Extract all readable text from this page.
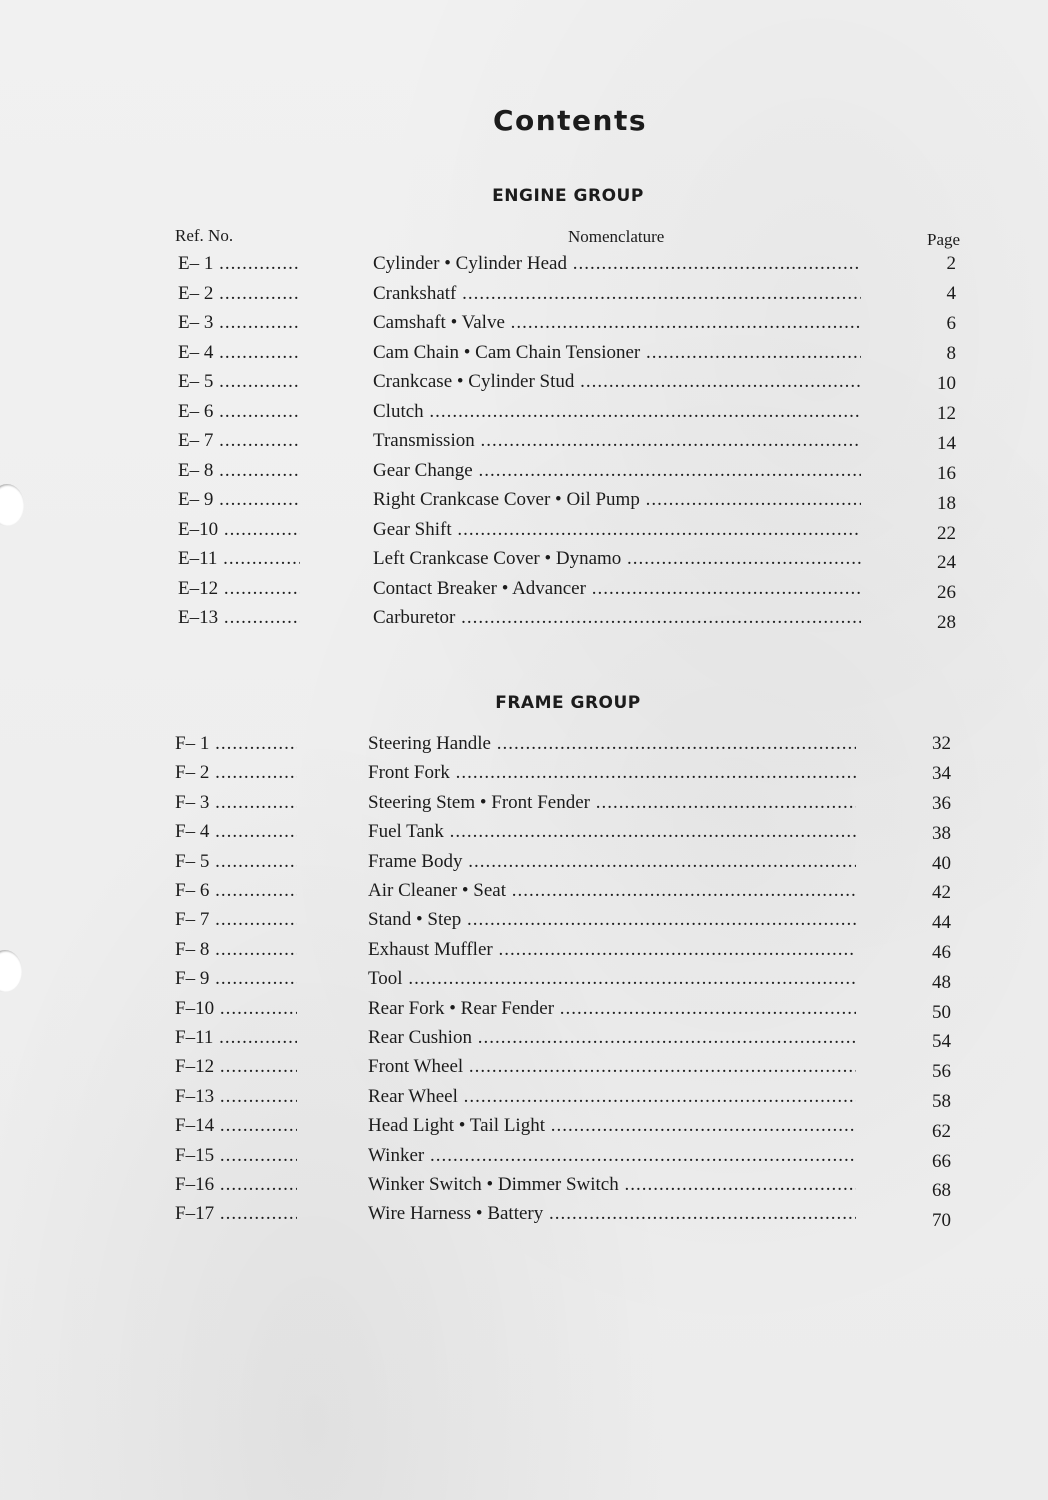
Contents
ENGINE GROUP
Ref. No.	Nomenclature	Page
E– 1 .....	Cylinder • Cylinder Head .....	2
E– 2 .....	Crankshatf .....	4
E– 3 .....	Camshaft • Valve .....	6
E– 4 .....	Cam Chain • Cam Chain Tensioner .....	8
E– 5 .....	Crankcase • Cylinder Stud .....	10
E– 6 .....	Clutch .....	12
E– 7 .....	Transmission .....	14
E– 8 .....	Gear Change .....	16
E– 9 .....	Right Crankcase Cover • Oil Pump .....	18
E–10 .....	Gear Shift .....	22
E–11 .....	Left Crankcase Cover • Dynamo .....	24
E–12 .....	Contact Breaker • Advancer .....	26
E–13 .....	Carburetor .....	28
FRAME GROUP
F– 1 .....	Steering Handle .....	32
F– 2 .....	Front Fork .....	34
F– 3 .....	Steering Stem • Front Fender .....	36
F– 4 .....	Fuel Tank .....	38
F– 5 .....	Frame Body .....	40
F– 6 .....	Air Cleaner • Seat .....	42
F– 7 .....	Stand • Step .....	44
F– 8 .....	Exhaust Muffler .....	46
F– 9 .....	Tool .....	48
F–10 .....	Rear Fork • Rear Fender .....	50
F–11 .....	Rear Cushion .....	54
F–12 .....	Front Wheel .....	56
F–13 .....	Rear Wheel .....	58
F–14 .....	Head Light • Tail Light .....	62
F–15 .....	Winker .....	66
F–16 .....	Winker Switch • Dimmer Switch .....	68
F–17 .....	Wire Harness • Battery .....	70
